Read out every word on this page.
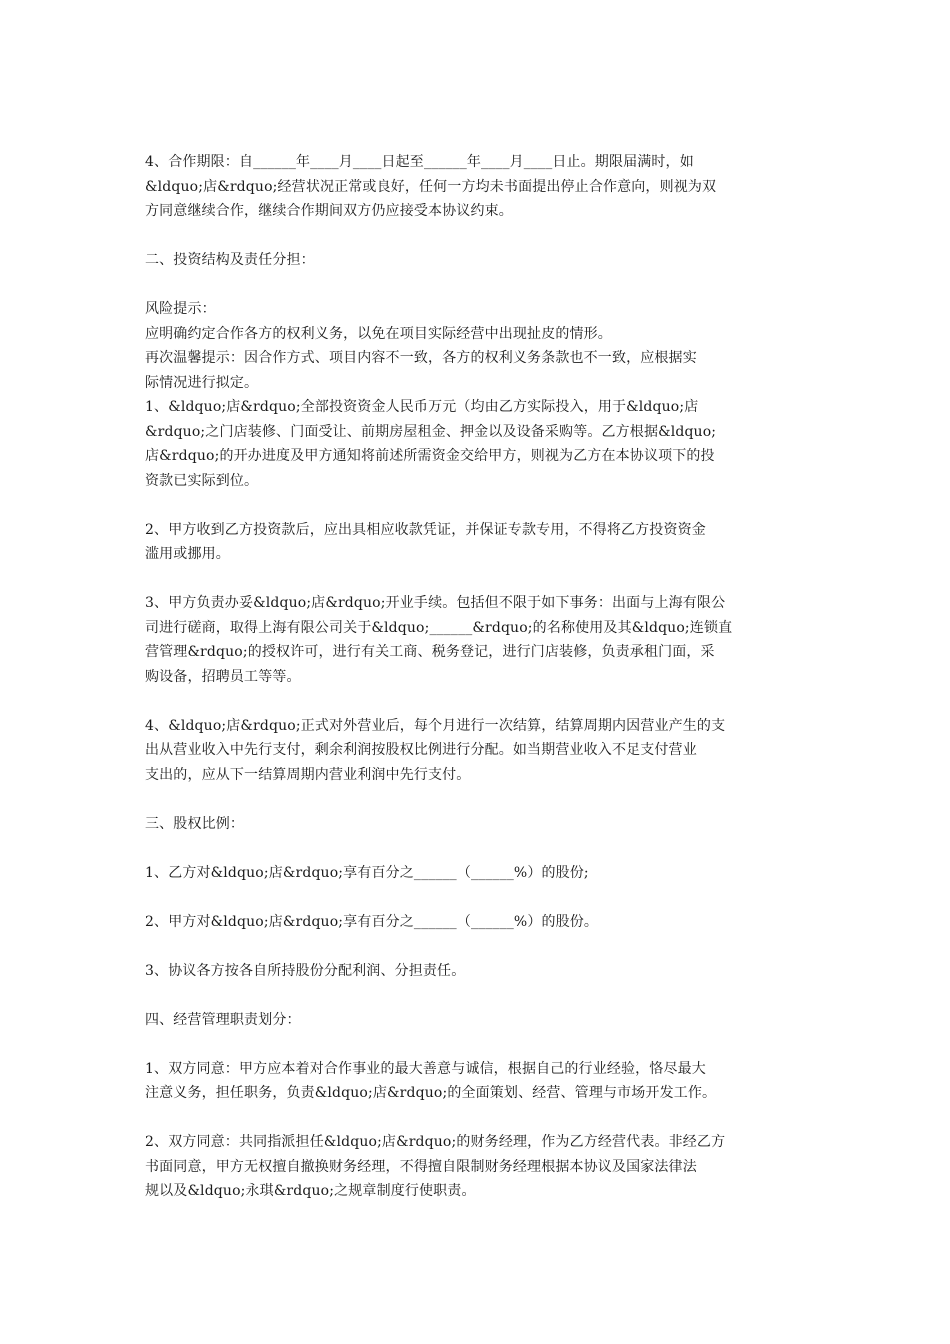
4、合作期限：自______年____月____日起至______年____月____日止。期限届满时，如
&ldquo;店&rdquo;经营状况正常或良好，任何一方均未书面提出停止合作意向，则视为双
方同意继续合作，继续合作期间双方仍应接受本协议约束。

二、投资结构及责任分担：

风险提示：
应明确约定合作各方的权利义务，以免在项目实际经营中出现扯皮的情形。
再次温馨提示：因合作方式、项目内容不一致，各方的权利义务条款也不一致，应根据实
际情况进行拟定。
1、&ldquo;店&rdquo;全部投资资金人民币万元（均由乙方实际投入，用于&ldquo;店
&rdquo;之门店装修、门面受让、前期房屋租金、押金以及设备采购等。乙方根据&ldquo;
店&rdquo;的开办进度及甲方通知将前述所需资金交给甲方，则视为乙方在本协议项下的投
资款已实际到位。

2、甲方收到乙方投资款后，应出具相应收款凭证，并保证专款专用，不得将乙方投资资金
滥用或挪用。

3、甲方负责办妥&ldquo;店&rdquo;开业手续。包括但不限于如下事务：出面与上海有限公
司进行磋商，取得上海有限公司关于&ldquo;______&rdquo;的名称使用及其&ldquo;连锁直
营管理&rdquo;的授权许可，进行有关工商、税务登记，进行门店装修，负责承租门面，采
购设备，招聘员工等等。

4、&ldquo;店&rdquo;正式对外营业后，每个月进行一次结算，结算周期内因营业产生的支
出从营业收入中先行支付，剩余利润按股权比例进行分配。如当期营业收入不足支付营业
支出的，应从下一结算周期内营业利润中先行支付。

三、股权比例：

1、乙方对&ldquo;店&rdquo;享有百分之______（______%）的股份;

2、甲方对&ldquo;店&rdquo;享有百分之______（______%）的股份。

3、协议各方按各自所持股份分配利润、分担责任。

四、经营管理职责划分：

1、双方同意：甲方应本着对合作事业的最大善意与诚信，根据自己的行业经验，恪尽最大
注意义务，担任职务，负责&ldquo;店&rdquo;的全面策划、经营、管理与市场开发工作。

2、双方同意：共同指派担任&ldquo;店&rdquo;的财务经理，作为乙方经营代表。非经乙方
书面同意，甲方无权擅自撤换财务经理，不得擅自限制财务经理根据本协议及国家法律法
规以及&ldquo;永琪&rdquo;之规章制度行使职责。
